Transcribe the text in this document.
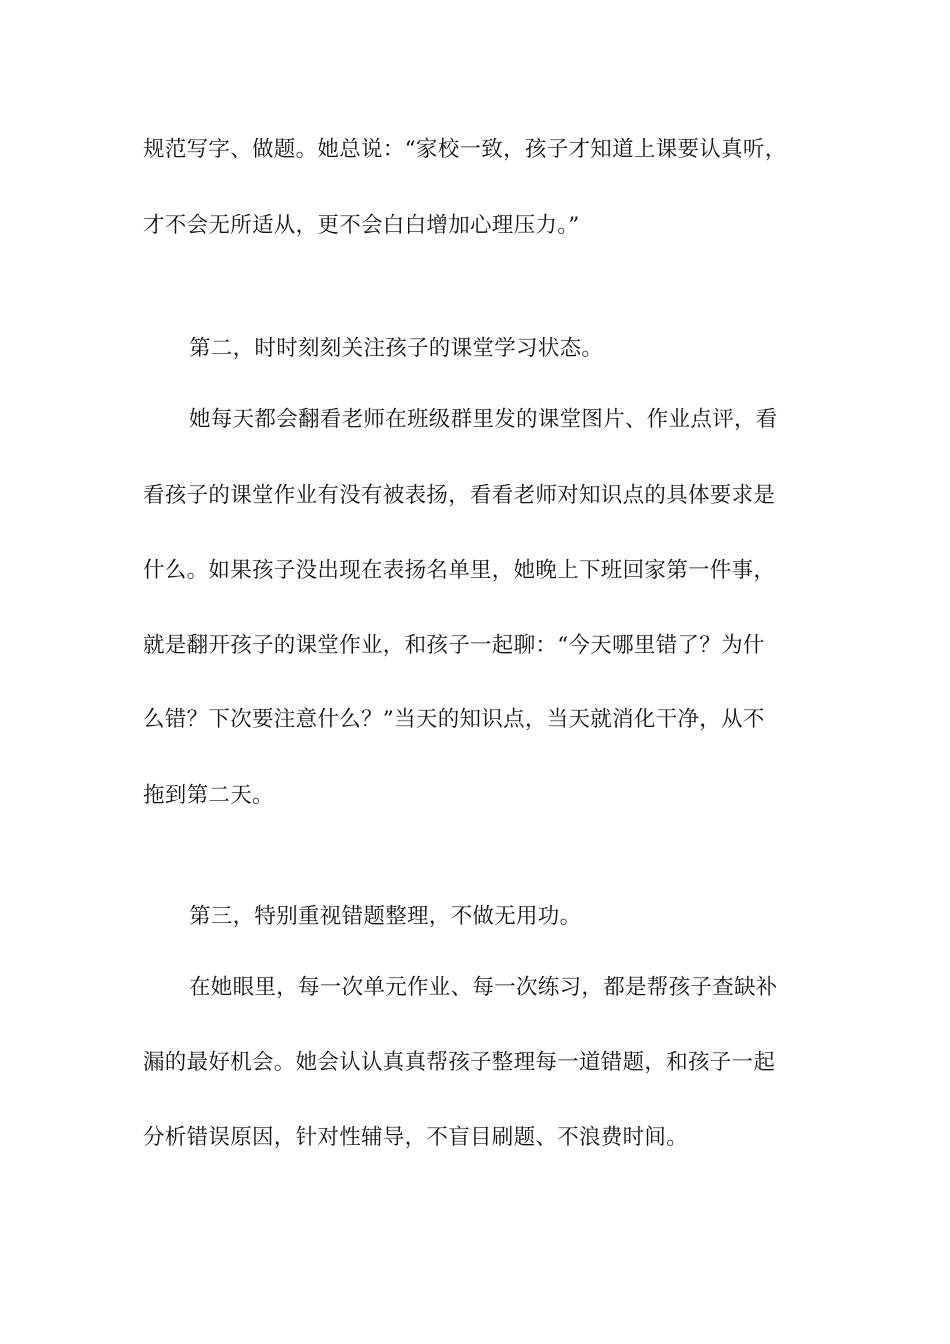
规范写字、做题。她总说：“家校一致，孩子才知道上课要认真听，
才不会无所适从，更不会白白增加心理压力。”
第二，时时刻刻关注孩子的课堂学习状态。
她每天都会翻看老师在班级群里发的课堂图片、作业点评，看
看孩子的课堂作业有没有被表扬，看看老师对知识点的具体要求是
什么。如果孩子没出现在表扬名单里，她晚上下班回家第一件事，
就是翻开孩子的课堂作业，和孩子一起聊：“今天哪里错了？为什
么错？下次要注意什么？”当天的知识点，当天就消化干净，从不
拖到第二天。
第三，特别重视错题整理，不做无用功。
在她眼里，每一次单元作业、每一次练习，都是帮孩子查缺补
漏的最好机会。她会认认真真帮孩子整理每一道错题，和孩子一起
分析错误原因，针对性辅导，不盲目刷题、不浪费时间。
